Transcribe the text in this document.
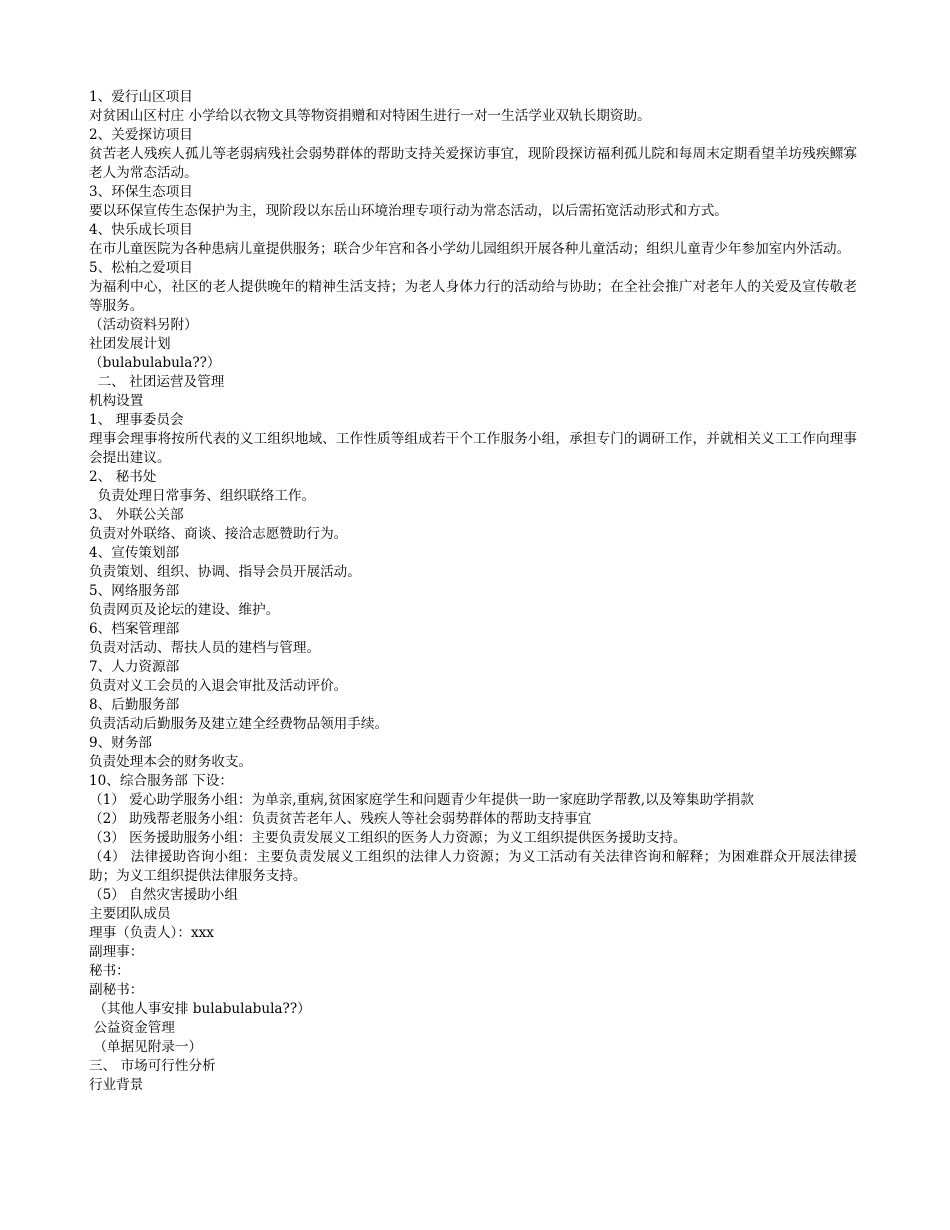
1、爱行山区项目

对贫困山区村庄 小学给以衣物文具等物资捐赠和对特困生进行一对一生活学业双轨长期资助。

2、关爱探访项目

贫苦老人残疾人孤儿等老弱病残社会弱势群体的帮助支持关爱探访事宜，现阶段探访福利孤儿院和每周末定期看望羊坊残疾鳏寡老人为常态活动。

3、环保生态项目

要以环保宣传生态保护为主，现阶段以东岳山环境治理专项行动为常态活动，以后需拓宽活动形式和方式。

4、快乐成长项目

在市儿童医院为各种患病儿童提供服务；联合少年宫和各小学幼儿园组织开展各种儿童活动；组织儿童青少年参加室内外活动。

5、松柏之爱项目

为福利中心，社区的老人提供晚年的精神生活支持；为老人身体力行的活动给与协助；在全社会推广对老年人的关爱及宣传敬老等服务。

（活动资料另附）

社团发展计划

（bulabulabula??）

二、 社团运营及管理

机构设置

1、 理事委员会

理事会理事将按所代表的义工组织地域、工作性质等组成若干个工作服务小组，承担专门的调研工作，并就相关义工工作向理事会提出建议。

2、 秘书处

负责处理日常事务、组织联络工作。

3、 外联公关部

负责对外联络、商谈、接洽志愿赞助行为。

4、宣传策划部

负责策划、组织、协调、指导会员开展活动。

5、网络服务部

负责网页及论坛的建设、维护。

6、档案管理部

负责对活动、帮扶人员的建档与管理。

7、人力资源部

负责对义工会员的入退会审批及活动评价。

8、后勤服务部

负责活动后勤服务及建立建全经费物品领用手续。

9、财务部

负责处理本会的财务收支。

10、综合服务部 下设：

（1） 爱心助学服务小组：为单亲,重病,贫困家庭学生和问题青少年提供一助一家庭助学帮教,以及筹集助学捐款

（2） 助残帮老服务小组：负责贫苦老年人、残疾人等社会弱势群体的帮助支持事宜

（3） 医务援助服务小组：主要负责发展义工组织的医务人力资源；为义工组织提供医务援助支持。

（4） 法律援助咨询小组：主要负责发展义工组织的法律人力资源；为义工活动有关法律咨询和解释；为困难群众开展法律援助；为义工组织提供法律服务支持。

（5） 自然灾害援助小组

主要团队成员

理事（负责人）：xxx

副理事：

秘书：

副秘书：

（其他人事安排 bulabulabula??）

公益资金管理

（单据见附录一）

三、 市场可行性分析

行业背景
